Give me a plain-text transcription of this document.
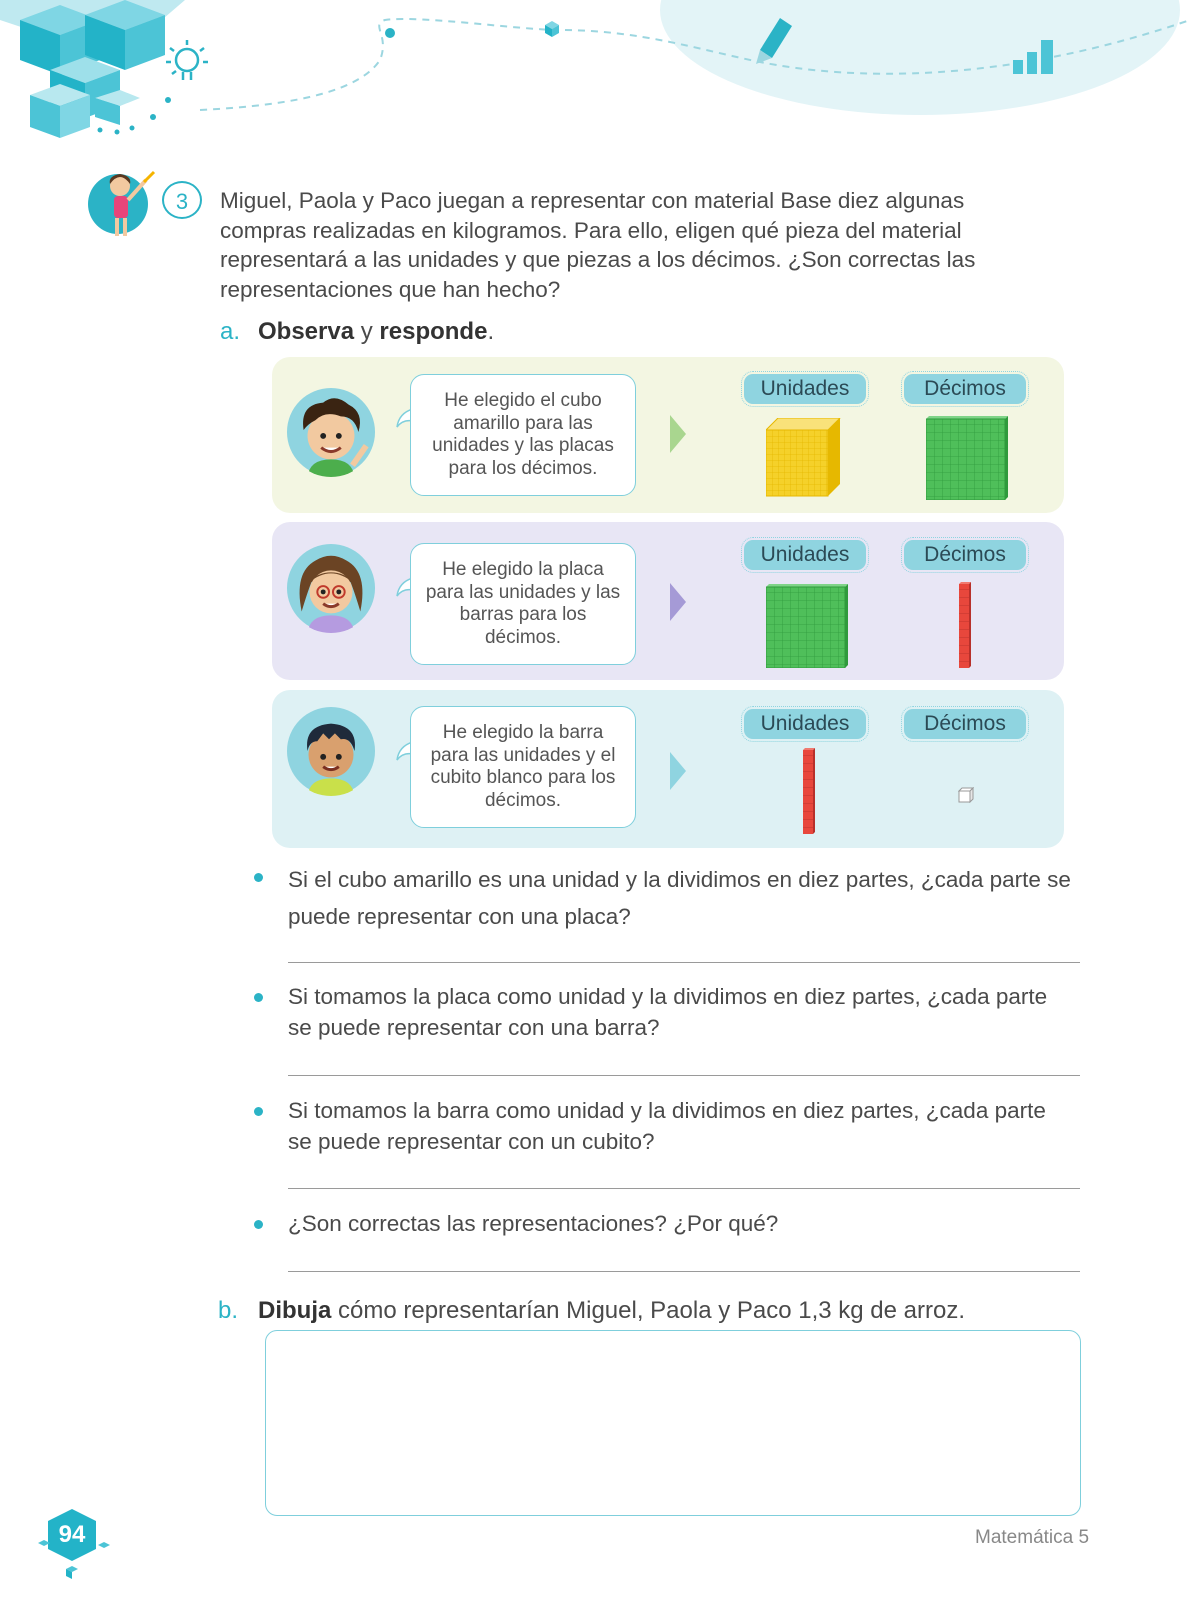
3	Miguel, Paola y Paco juegan a representar con material Base diez algunas compras realizadas en kilogramos. Para ello, eligen qué pieza del material representará a las unidades y que piezas a los décimos. ¿Son correctas las representaciones que han hecho?
a. Observa y responde.
He elegido el cubo amarillo para las unidades y las placas para los décimos.
Unidades	Décimos
He elegido la placa para las unidades y las barras para los décimos.
Unidades	Décimos
He elegido la barra para las unidades y el cubito blanco para los décimos.
Unidades	Décimos
Si el cubo amarillo es una unidad y la dividimos en diez partes, ¿cada parte se puede representar con una placa?
Si tomamos la placa como unidad y la dividimos en diez partes, ¿cada parte se puede representar con una barra?
Si tomamos la barra como unidad y la dividimos en diez partes, ¿cada parte se puede representar con un cubito?
¿Son correctas las representaciones? ¿Por qué?
b. Dibuja cómo representarían Miguel, Paola y Paco 1,3 kg de arroz.
94	Matemática 5
